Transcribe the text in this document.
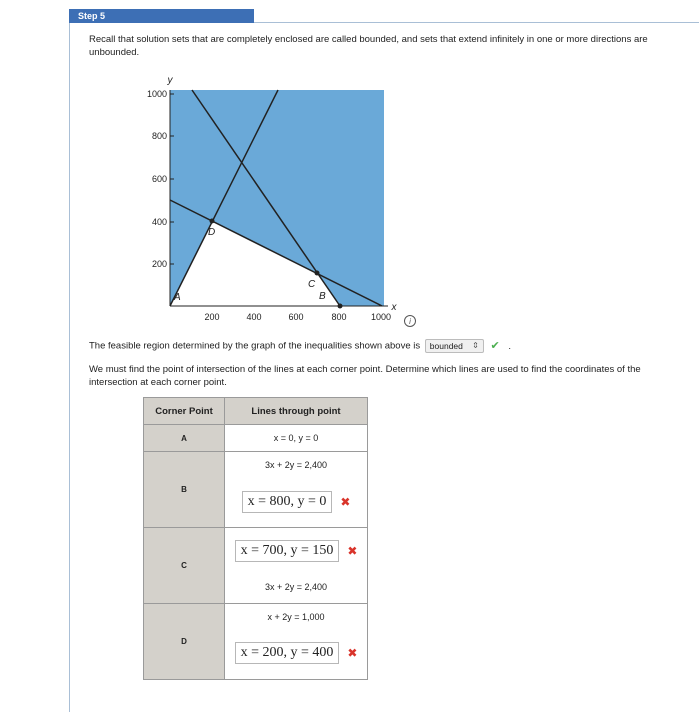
Step 5
Recall that solution sets that are completely enclosed are called bounded, and sets that extend infinitely in one or more directions are unbounded.
1000
800
600
400
200
y
200	400	600	800	1000
x
A	B
C
D
i
The feasible region determined by the graph of the inequalities shown above is bounded ⇕ ✔ .
We must find the point of intersection of the lines at each corner point. Determine which lines are used to find the coordinates of the intersection at each corner point.
Corner Point	Lines through point
A	x = 0, y = 0

B	3x + 2y = 2,400
x = 800, y = 0 ✖

C	x = 700, y = 150 ✖
3x + 2y = 2,400

D	x + 2y = 1,000
x = 200, y = 400 ✖
